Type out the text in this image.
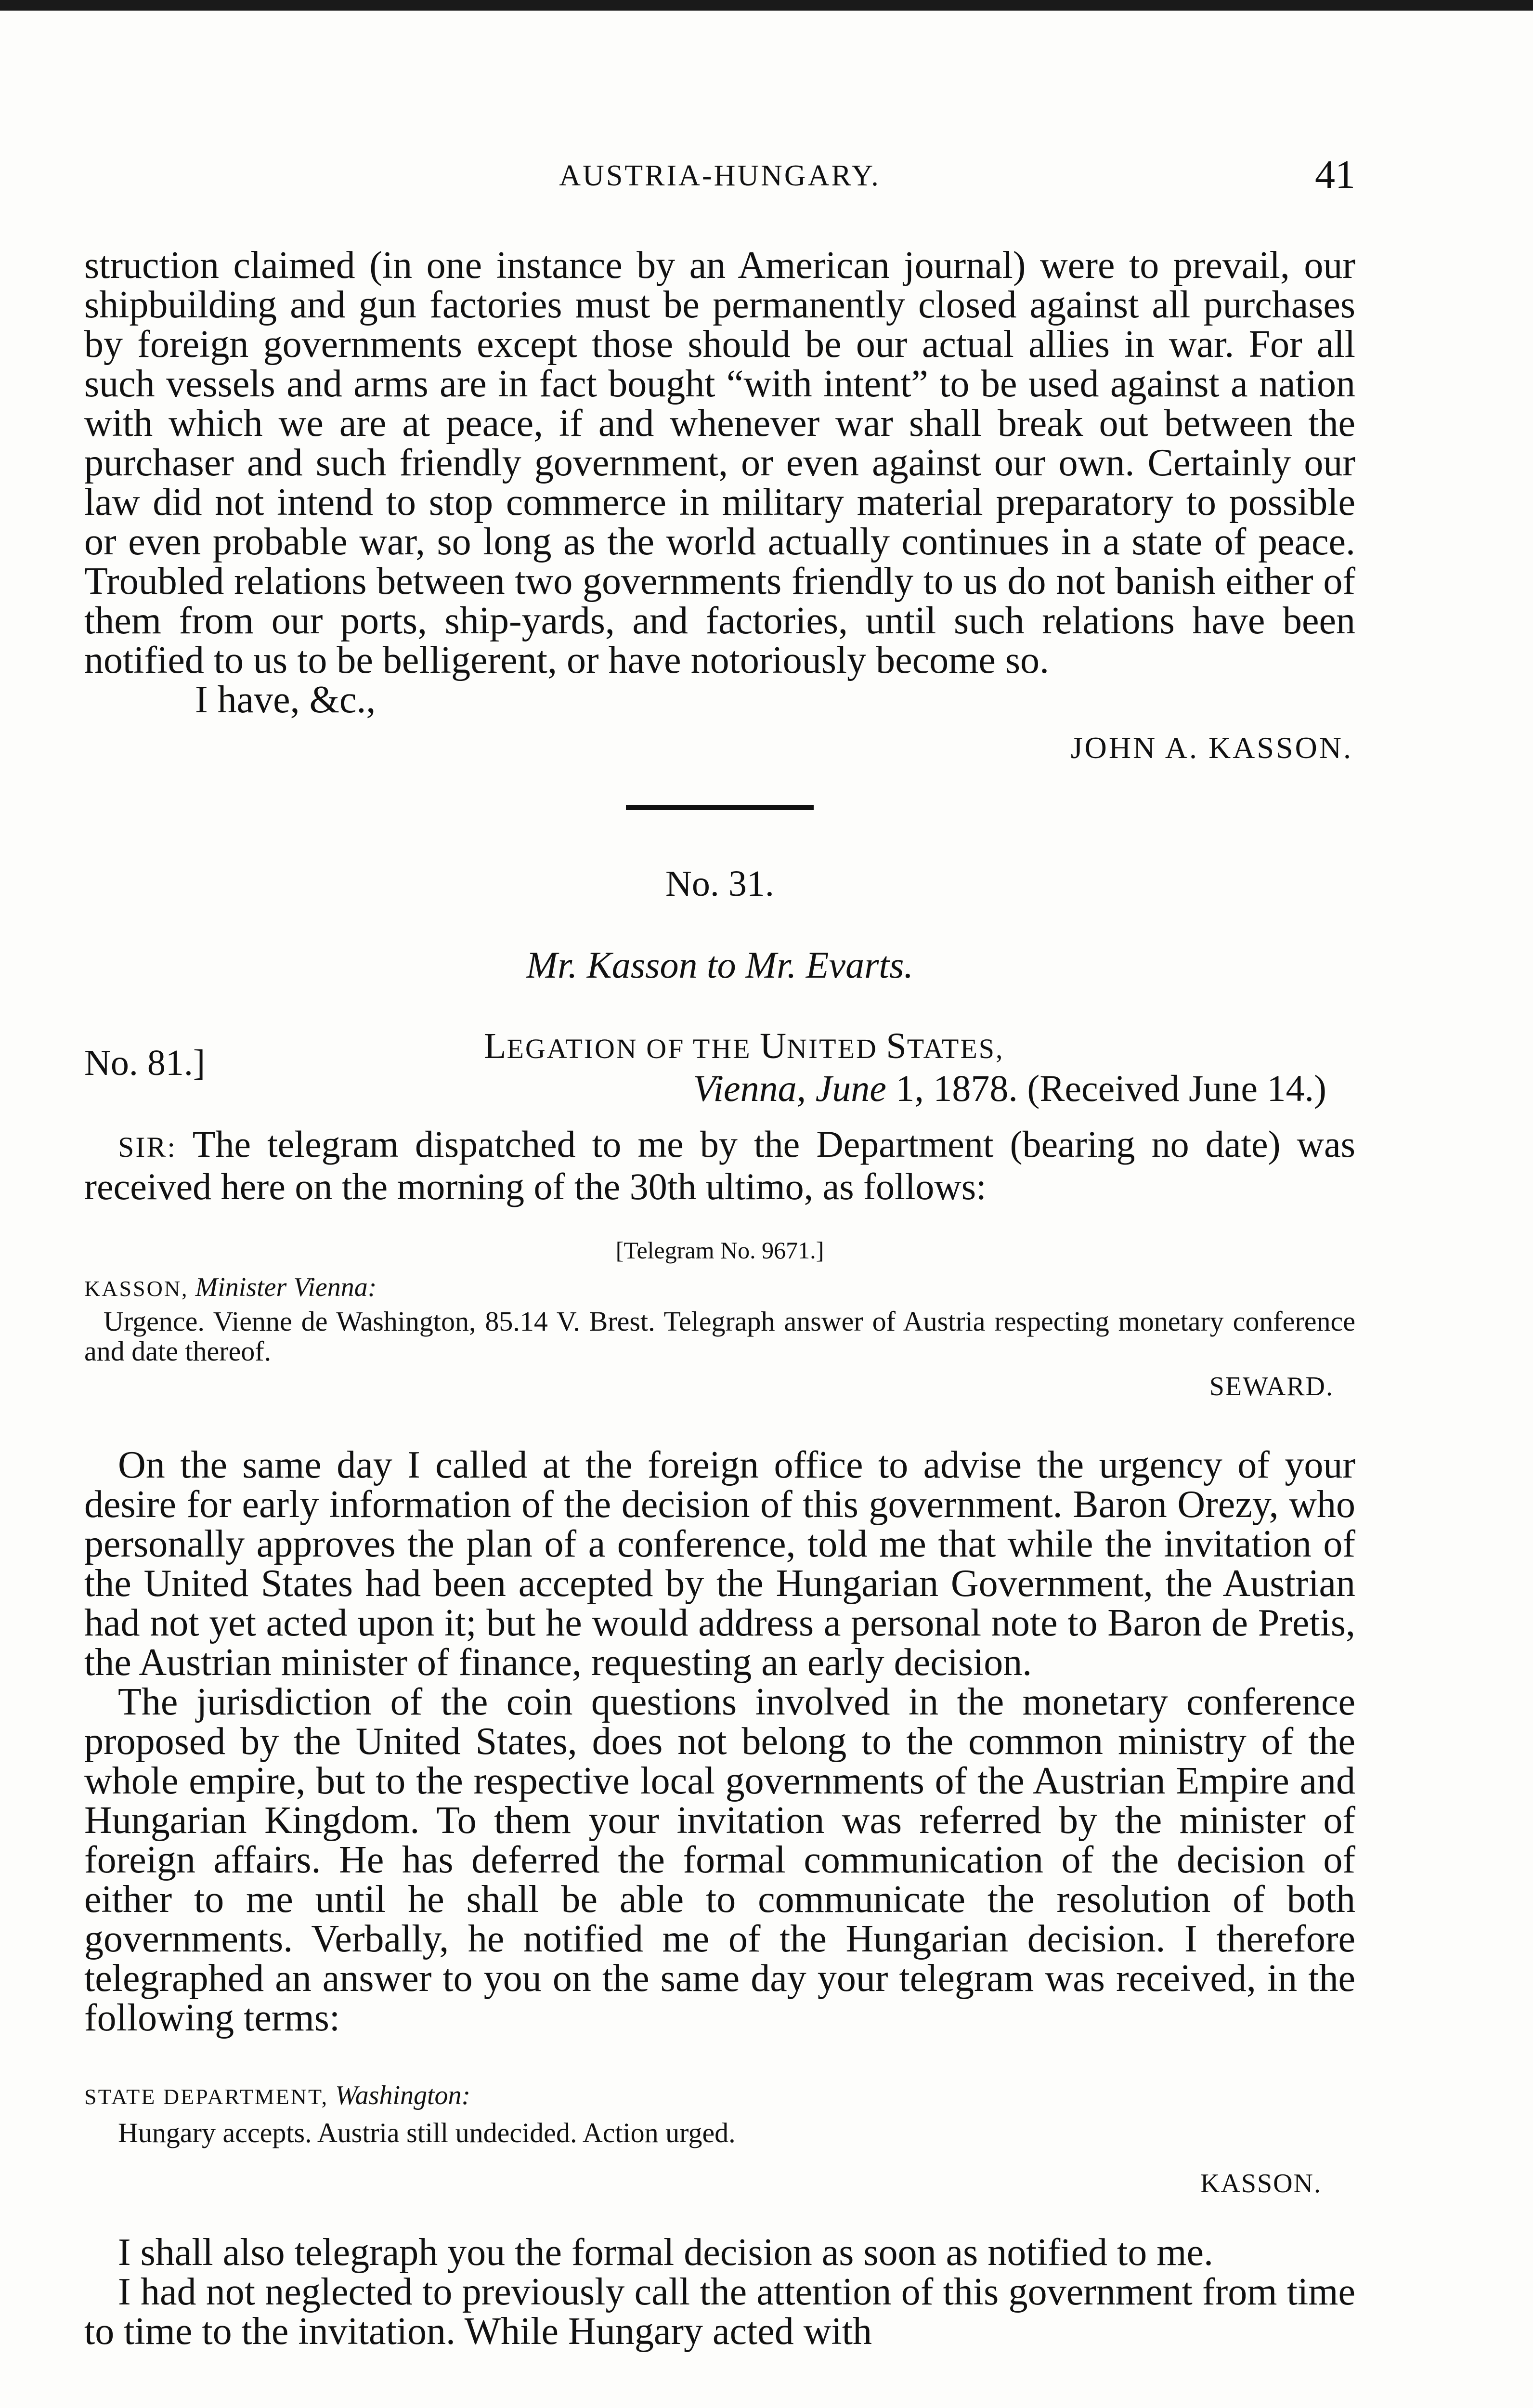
AUSTRIA-HUNGARY.	41

struction claimed (in one instance by an American journal) were to prevail, our shipbuilding and gun factories must be permanently closed against all purchases by foreign governments except those should be our actual allies in war. For all such vessels and arms are in fact bought “with intent” to be used against a nation with which we are at peace, if and whenever war shall break out between the purchaser and such friendly government, or even against our own. Certainly our law did not intend to stop commerce in military material preparatory to possible or even probable war, so long as the world actually continues in a state of peace. Troubled relations between two governments friendly to us do not banish either of them from our ports, ship-yards, and factories, until such relations have been notified to us to be belligerent, or have notoriously become so.

I have, &c.,

JOHN A. KASSON.

No. 31.

Mr. Kasson to Mr. Evarts.

No. 81.]	LEGATION OF THE UNITED STATES,
Vienna, June 1, 1878. (Received June 14.)

SIR: The telegram dispatched to me by the Department (bearing no date) was received here on the morning of the 30th ultimo, as follows:

[Telegram No. 9671.]

KASSON, Minister Vienna:

Urgence. Vienne de Washington, 85.14 V. Brest. Telegraph answer of Austria respecting monetary conference and date thereof.

SEWARD.

On the same day I called at the foreign office to advise the urgency of your desire for early information of the decision of this government. Baron Orezy, who personally approves the plan of a conference, told me that while the invitation of the United States had been accepted by the Hungarian Government, the Austrian had not yet acted upon it; but he would address a personal note to Baron de Pretis, the Austrian minister of finance, requesting an early decision.

The jurisdiction of the coin questions involved in the monetary conference proposed by the United States, does not belong to the common ministry of the whole empire, but to the respective local governments of the Austrian Empire and Hungarian Kingdom. To them your invitation was referred by the minister of foreign affairs. He has deferred the formal communication of the decision of either to me until he shall be able to communicate the resolution of both governments. Verbally, he notified me of the Hungarian decision. I therefore telegraphed an answer to you on the same day your telegram was received, in the following terms:

STATE DEPARTMENT, Washington:

Hungary accepts. Austria still undecided. Action urged.

KASSON.

I shall also telegraph you the formal decision as soon as notified to me.

I had not neglected to previously call the attention of this government from time to time to the invitation. While Hungary acted with
